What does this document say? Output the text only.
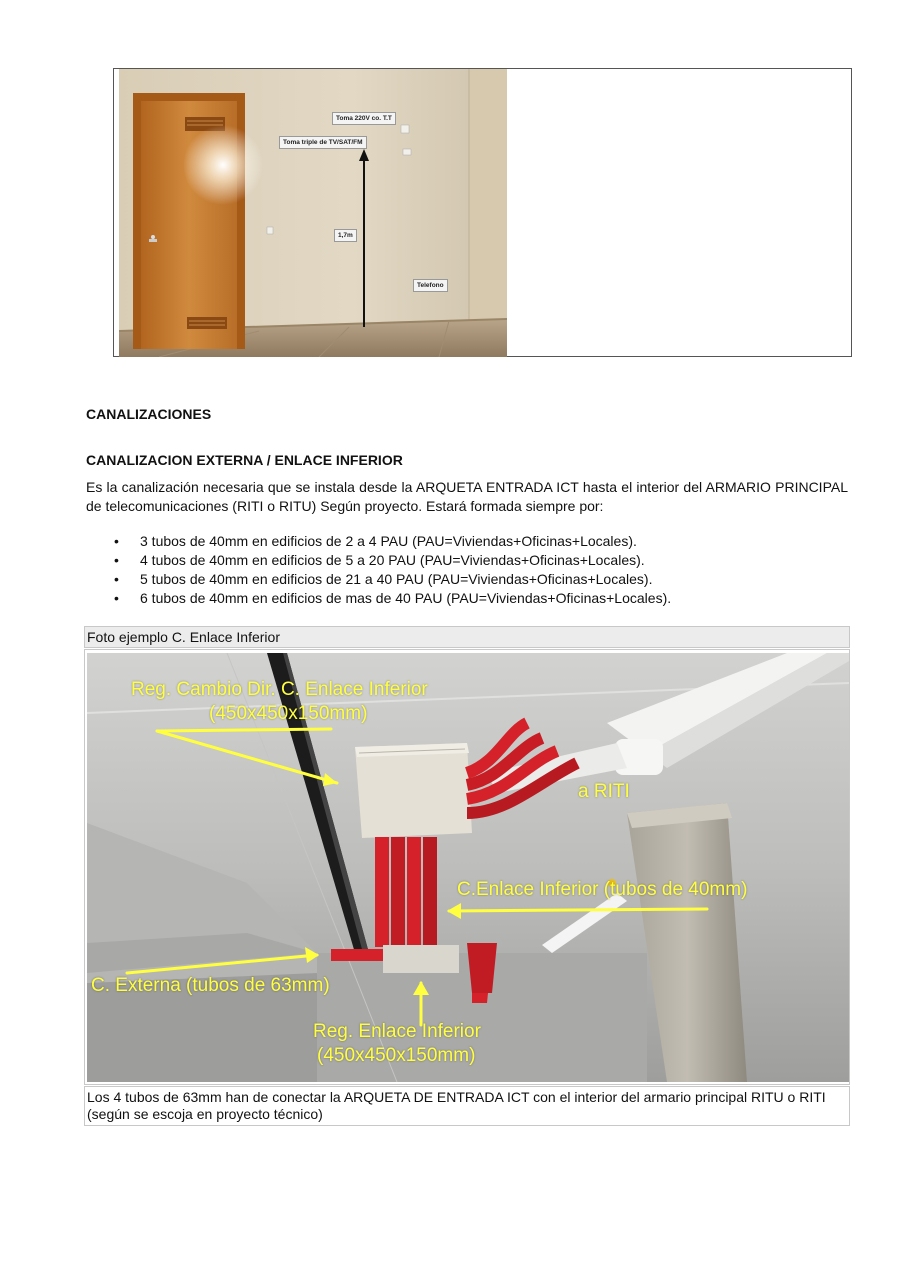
Toma 220V co. T.T
Toma triple de TV/SAT/FM
1,7m
Telefono
CANALIZACIONES
CANALIZACION EXTERNA / ENLACE INFERIOR

Es la canalización necesaria que se instala desde la ARQUETA ENTRADA ICT hasta el interior del ARMARIO PRINCIPAL de telecomunicaciones (RITI o RITU) Según proyecto. Estará formada siempre por:

• 3 tubos de 40mm en edificios de 2 a 4 PAU (PAU=Viviendas+Oficinas+Locales).
• 4 tubos de 40mm en edificios de 5 a 20 PAU (PAU=Viviendas+Oficinas+Locales).
• 5 tubos de 40mm en edificios de 21 a 40 PAU (PAU=Viviendas+Oficinas+Locales).
• 6 tubos de 40mm en edificios de mas de 40 PAU (PAU=Viviendas+Oficinas+Locales).
Foto ejemplo C. Enlace Inferior
Reg. Cambio Dir. C. Enlace Inferior
(450x450x150mm)
a RITI
C.Enlace Inferior (tubos de 40mm)
C. Externa (tubos de 63mm)
Reg. Enlace Inferior
(450x450x150mm)
Los 4 tubos de 63mm han de conectar la ARQUETA DE ENTRADA ICT con el interior del armario principal RITU o RITI (según se escoja en proyecto técnico)
